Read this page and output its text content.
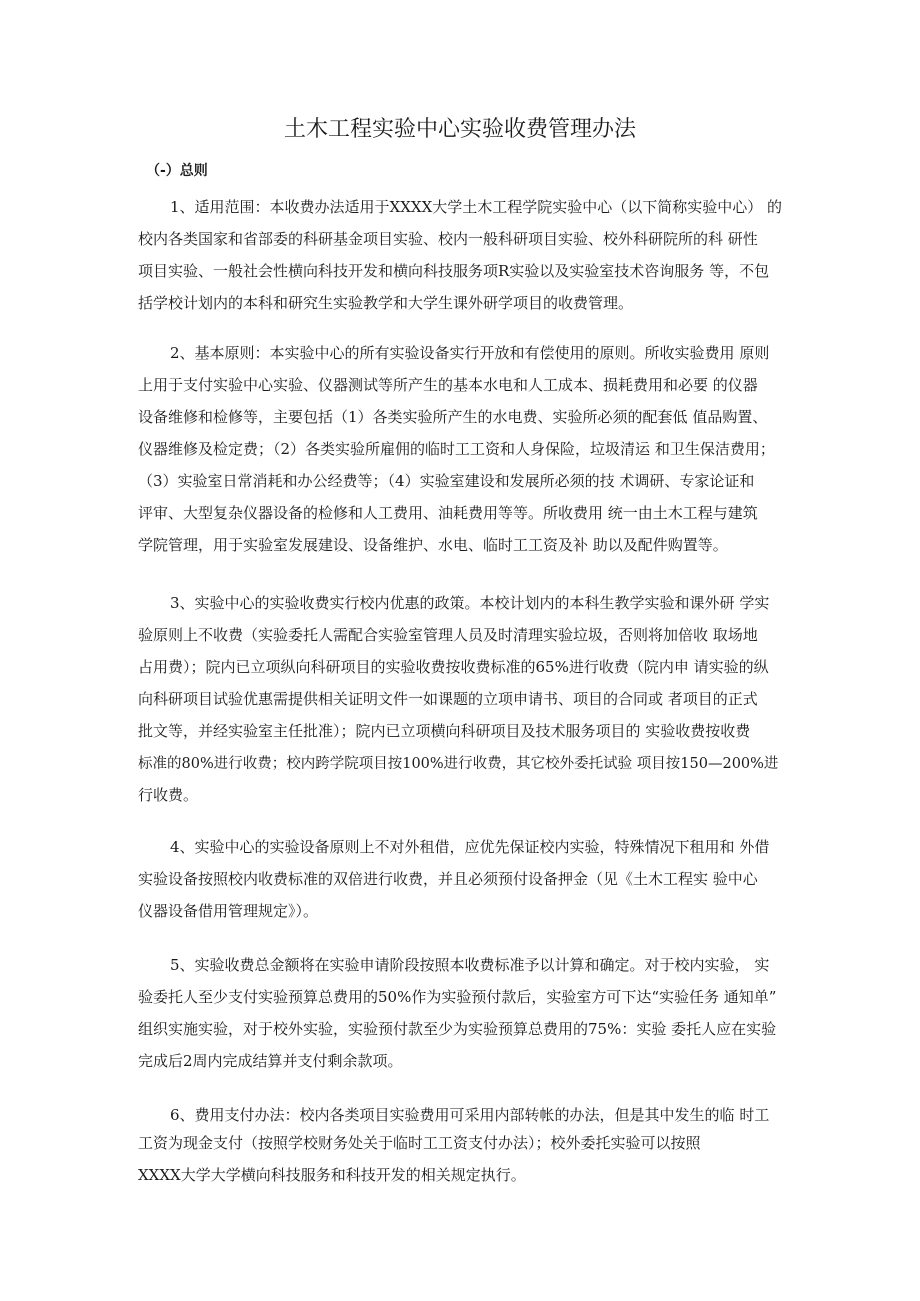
土木工程实验中心实验收费管理办法
（-）总则
1、适用范围：本收费办法适用于XXXX大学土木工程学院实验中心（以下简称实验中心） 的
校内各类国家和省部委的科研基金项目实验、校内一般科研项目实验、校外科研院所的科 研性
项目实验、一般社会性横向科技开发和横向科技服务项R实验以及实验室技术咨询服务 等，不包
括学校计划内的本科和研究生实验教学和大学生课外研学项目的收费管理。
2、基本原则：本实验中心的所有实验设备实行开放和有偿使用的原则。所收实验费用 原则
上用于支付实验中心实验、仪器测试等所产生的基本水电和人工成本、损耗费用和必要 的仪器
设备维修和检修等，主要包括（1）各类实验所产生的水电费、实验所必须的配套低 值品购置、
仪器维修及检定费；（2）各类实验所雇佣的临时工工资和人身保险，垃圾清运 和卫生保洁费用；
（3）实验室日常消耗和办公经费等；（4）实验室建设和发展所必须的技 术调研、专家论证和
评审、大型复杂仪器设备的检修和人工费用、油耗费用等等。所收费用 统一由土木工程与建筑
学院管理，用于实验室发展建设、设备维护、水电、临时工工资及补 助以及配件购置等。
3、实验中心的实验收费实行校内优惠的政策。本校计划内的本科生教学实验和课外研 学实
验原则上不收费（实验委托人需配合实验室管理人员及时清理实验垃圾，否则将加倍收 取场地
占用费）；院内已立项纵向科研项目的实验收费按收费标准的65%进行收费（院内申 请实验的纵
向科研项目试验优惠需提供相关证明文件一如课题的立项申请书、项目的合同或 者项目的正式
批文等，并经实验室主任批准）；院内已立项横向科研项目及技术服务项目的 实验收费按收费
标准的80%进行收费；校内跨学院项目按100%进行收费，其它校外委托试验 项目按150—200%进
行收费。
4、实验中心的实验设备原则上不对外租借，应优先保证校内实验，特殊情况下租用和 外借
实验设备按照校内收费标准的双倍进行收费，并且必须预付设备押金（见《土木工程实 验中心
仪器设备借用管理规定》）。
5、实验收费总金额将在实验申请阶段按照本收费标准予以计算和确定。对于校内实验， 实
验委托人至少支付实验预算总费用的50%作为实验预付款后，实验室方可下达“实验任务 通知单”
组织实施实验，对于校外实验，实验预付款至少为实验预算总费用的75%：实验 委托人应在实验
完成后2周内完成结算并支付剩余款项。
6、费用支付办法：校内各类项目实验费用可采用内部转帐的办法，但是其中发生的临 时工
工资为现金支付（按照学校财务处关于临时工工资支付办法）；校外委托实验可以按照
XXXX大学大学横向科技服务和科技开发的相关规定执行。
